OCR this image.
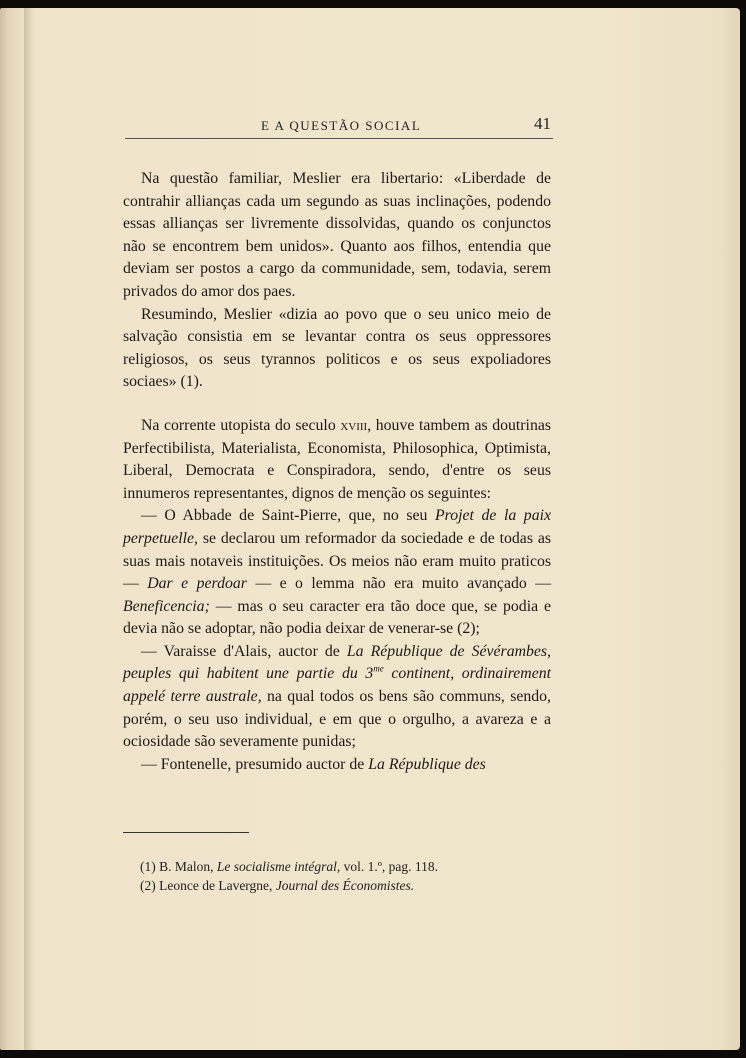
E A QUESTÃO SOCIAL	41

Na questão familiar, Meslier era libertario: «Liberdade de contrahir allianças cada um segundo as suas inclinações, podendo essas allianças ser livremente dissolvidas, quando os conjunctos não se encontrem bem unidos». Quanto aos filhos, entendia que deviam ser postos a cargo da communidade, sem, todavia, serem privados do amor dos paes.

Resumindo, Meslier «dizia ao povo que o seu unico meio de salvação consistia em se levantar contra os seus oppressores religiosos, os seus tyrannos politicos e os seus expoliadores sociaes» (1).

Na corrente utopista do seculo xviii, houve tambem as doutrinas Perfectibilista, Materialista, Economista, Philosophica, Optimista, Liberal, Democrata e Conspiradora, sendo, d'entre os seus innumeros representantes, dignos de menção os seguintes:

— O Abbade de Saint-Pierre, que, no seu Projet de la paix perpetuelle, se declarou um reformador da sociedade e de todas as suas mais notaveis instituições. Os meios não eram muito praticos — Dar e perdoar — e o lemma não era muito avançado — Beneficencia; — mas o seu caracter era tão doce que, se podia e devia não se adoptar, não podia deixar de venerar-se (2);

— Varaisse d'Alais, auctor de La République de Sévérambes, peuples qui habitent une partie du $3^{me}$ continent, ordinairement appelé terre australe, na qual todos os bens são communs, sendo, porém, o seu uso individual, e em que o orgulho, a avareza e a ociosidade são severamente punidas;

— Fontenelle, presumido auctor de La République des

(1) B. Malon, Le socialisme intégral, vol. 1.º, pag. 118.
(2) Leonce de Lavergne, Journal des Économistes.
